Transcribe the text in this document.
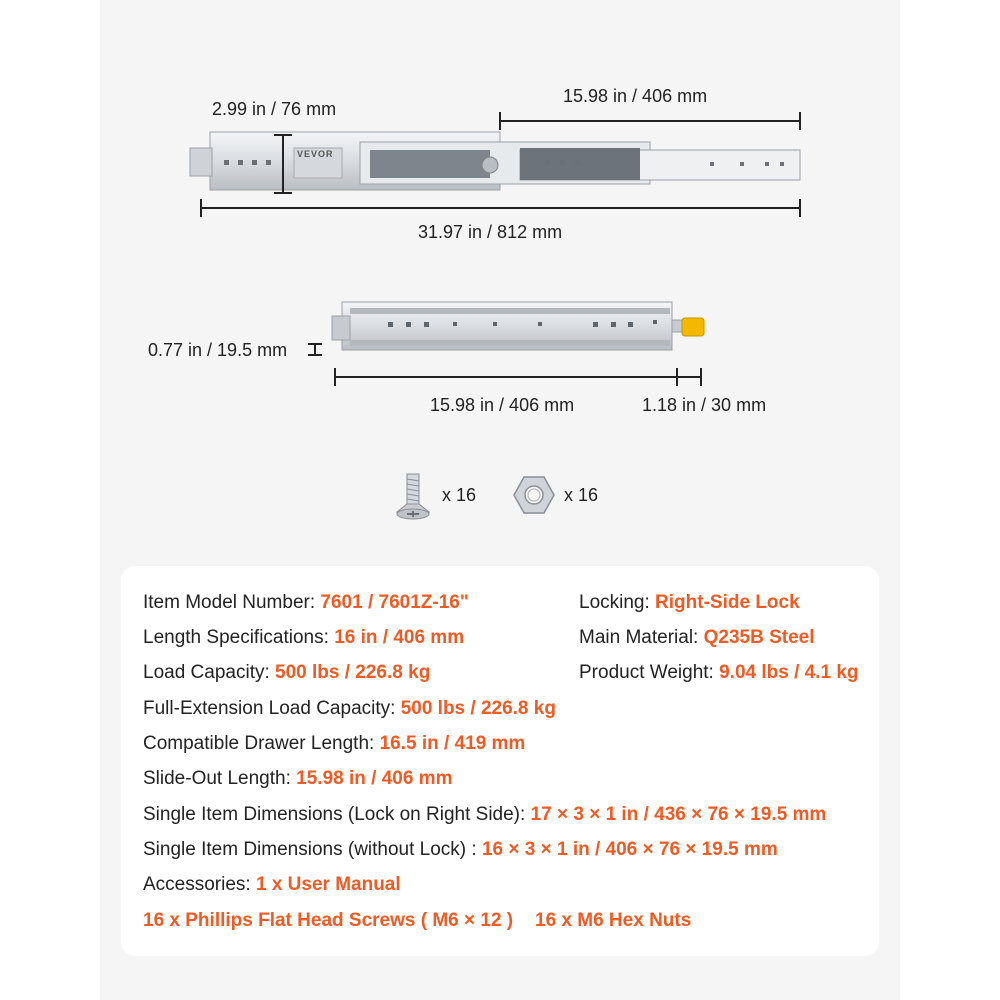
VEVOR
2.99 in / 76 mm
15.98 in / 406 mm
31.97 in / 812 mm
0.77 in / 19.5 mm
15.98 in / 406 mm	1.18 in / 30 mm
x 16	x 16
Item Model Number: 7601 / 7601Z-16"
Length Specifications: 16 in / 406 mm
Load Capacity: 500 lbs / 226.8 kg
Full-Extension Load Capacity: 500 lbs / 226.8 kg
Compatible Drawer Length: 16.5 in / 419 mm
Slide-Out Length: 15.98 in / 406 mm
Single Item Dimensions (Lock on Right Side): 17 × 3 × 1 in / 436 × 76 × 19.5 mm
Single Item Dimensions (without Lock) : 16 × 3 × 1 in / 406 × 76 × 19.5 mm
Accessories: 1 x User Manual
16 x Phillips Flat Head Screws ( M6 × 12 ) 16 x M6 Hex Nuts
Locking: Right-Side Lock
Main Material: Q235B Steel
Product Weight: 9.04 lbs / 4.1 kg
